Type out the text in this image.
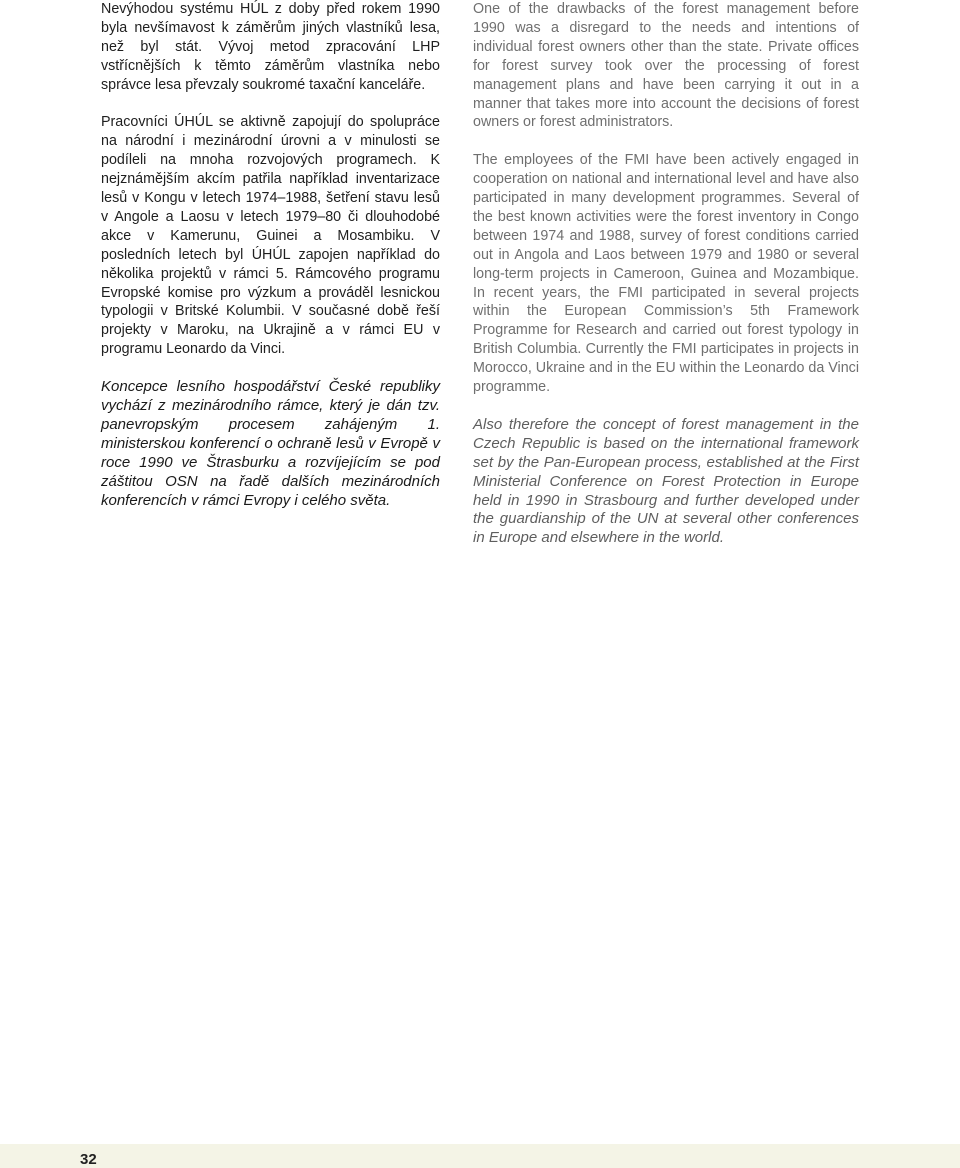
Nevýhodou systému HÚL z doby před rokem 1990 byla nevšímavost k záměrům jiných vlastníků lesa, než byl stát. Vývoj metod zpracování LHP vstřícnějších k těmto záměrům vlastníka nebo správce lesa převzaly soukromé taxační kanceláře.

Pracovníci ÚHÚL se aktivně zapojují do spolupráce na národní i mezinárodní úrovni a v minulosti se podíleli na mnoha rozvojových programech. K nejznámějším akcím patřila například inventarizace lesů v Kongu v letech 1974–1988, šetření stavu lesů v Angole a Laosu v letech 1979–80 či dlouhodobé akce v Kamerunu, Guinei a Mosambiku. V posledních letech byl ÚHÚL zapojen například do několika projektů v rámci 5. Rámcového programu Evropské komise pro výzkum a prováděl lesnickou typologii v Britské Kolumbii. V současné době řeší projekty v Maroku, na Ukrajině a v rámci EU v programu Leonardo da Vinci.

Koncepce lesního hospodářství České republiky vychází z mezinárodního rámce, který je dán tzv. panevropským procesem zahájeným 1. ministerskou konferencí o ochraně lesů v Evropě v roce 1990 ve Štrasburku a rozvíjejícím se pod záštitou OSN na řadě dalších mezinárodních konferencích v rámci Evropy i celého světa.

One of the drawbacks of the forest management before 1990 was a disregard to the needs and intentions of individual forest owners other than the state. Private offices for forest survey took over the processing of forest management plans and have been carrying it out in a manner that takes more into account the decisions of forest owners or forest administrators.

The employees of the FMI have been actively engaged in cooperation on national and international level and have also participated in many development programmes. Several of the best known activities were the forest inventory in Congo between 1974 and 1988, survey of forest conditions carried out in Angola and Laos between 1979 and 1980 or several long-term projects in Cameroon, Guinea and Mozambique. In recent years, the FMI participated in several projects within the European Commission’s 5th Framework Programme for Research and carried out forest typology in British Columbia. Currently the FMI participates in projects in Morocco, Ukraine and in the EU within the Leonardo da Vinci programme.

Also therefore the concept of forest management in the Czech Republic is based on the international framework set by the Pan-European process, established at the First Ministerial Conference on Forest Protection in Europe held in 1990 in Strasbourg and further developed under the guardianship of the UN at several other conferences in Europe and elsewhere in the world.

32
